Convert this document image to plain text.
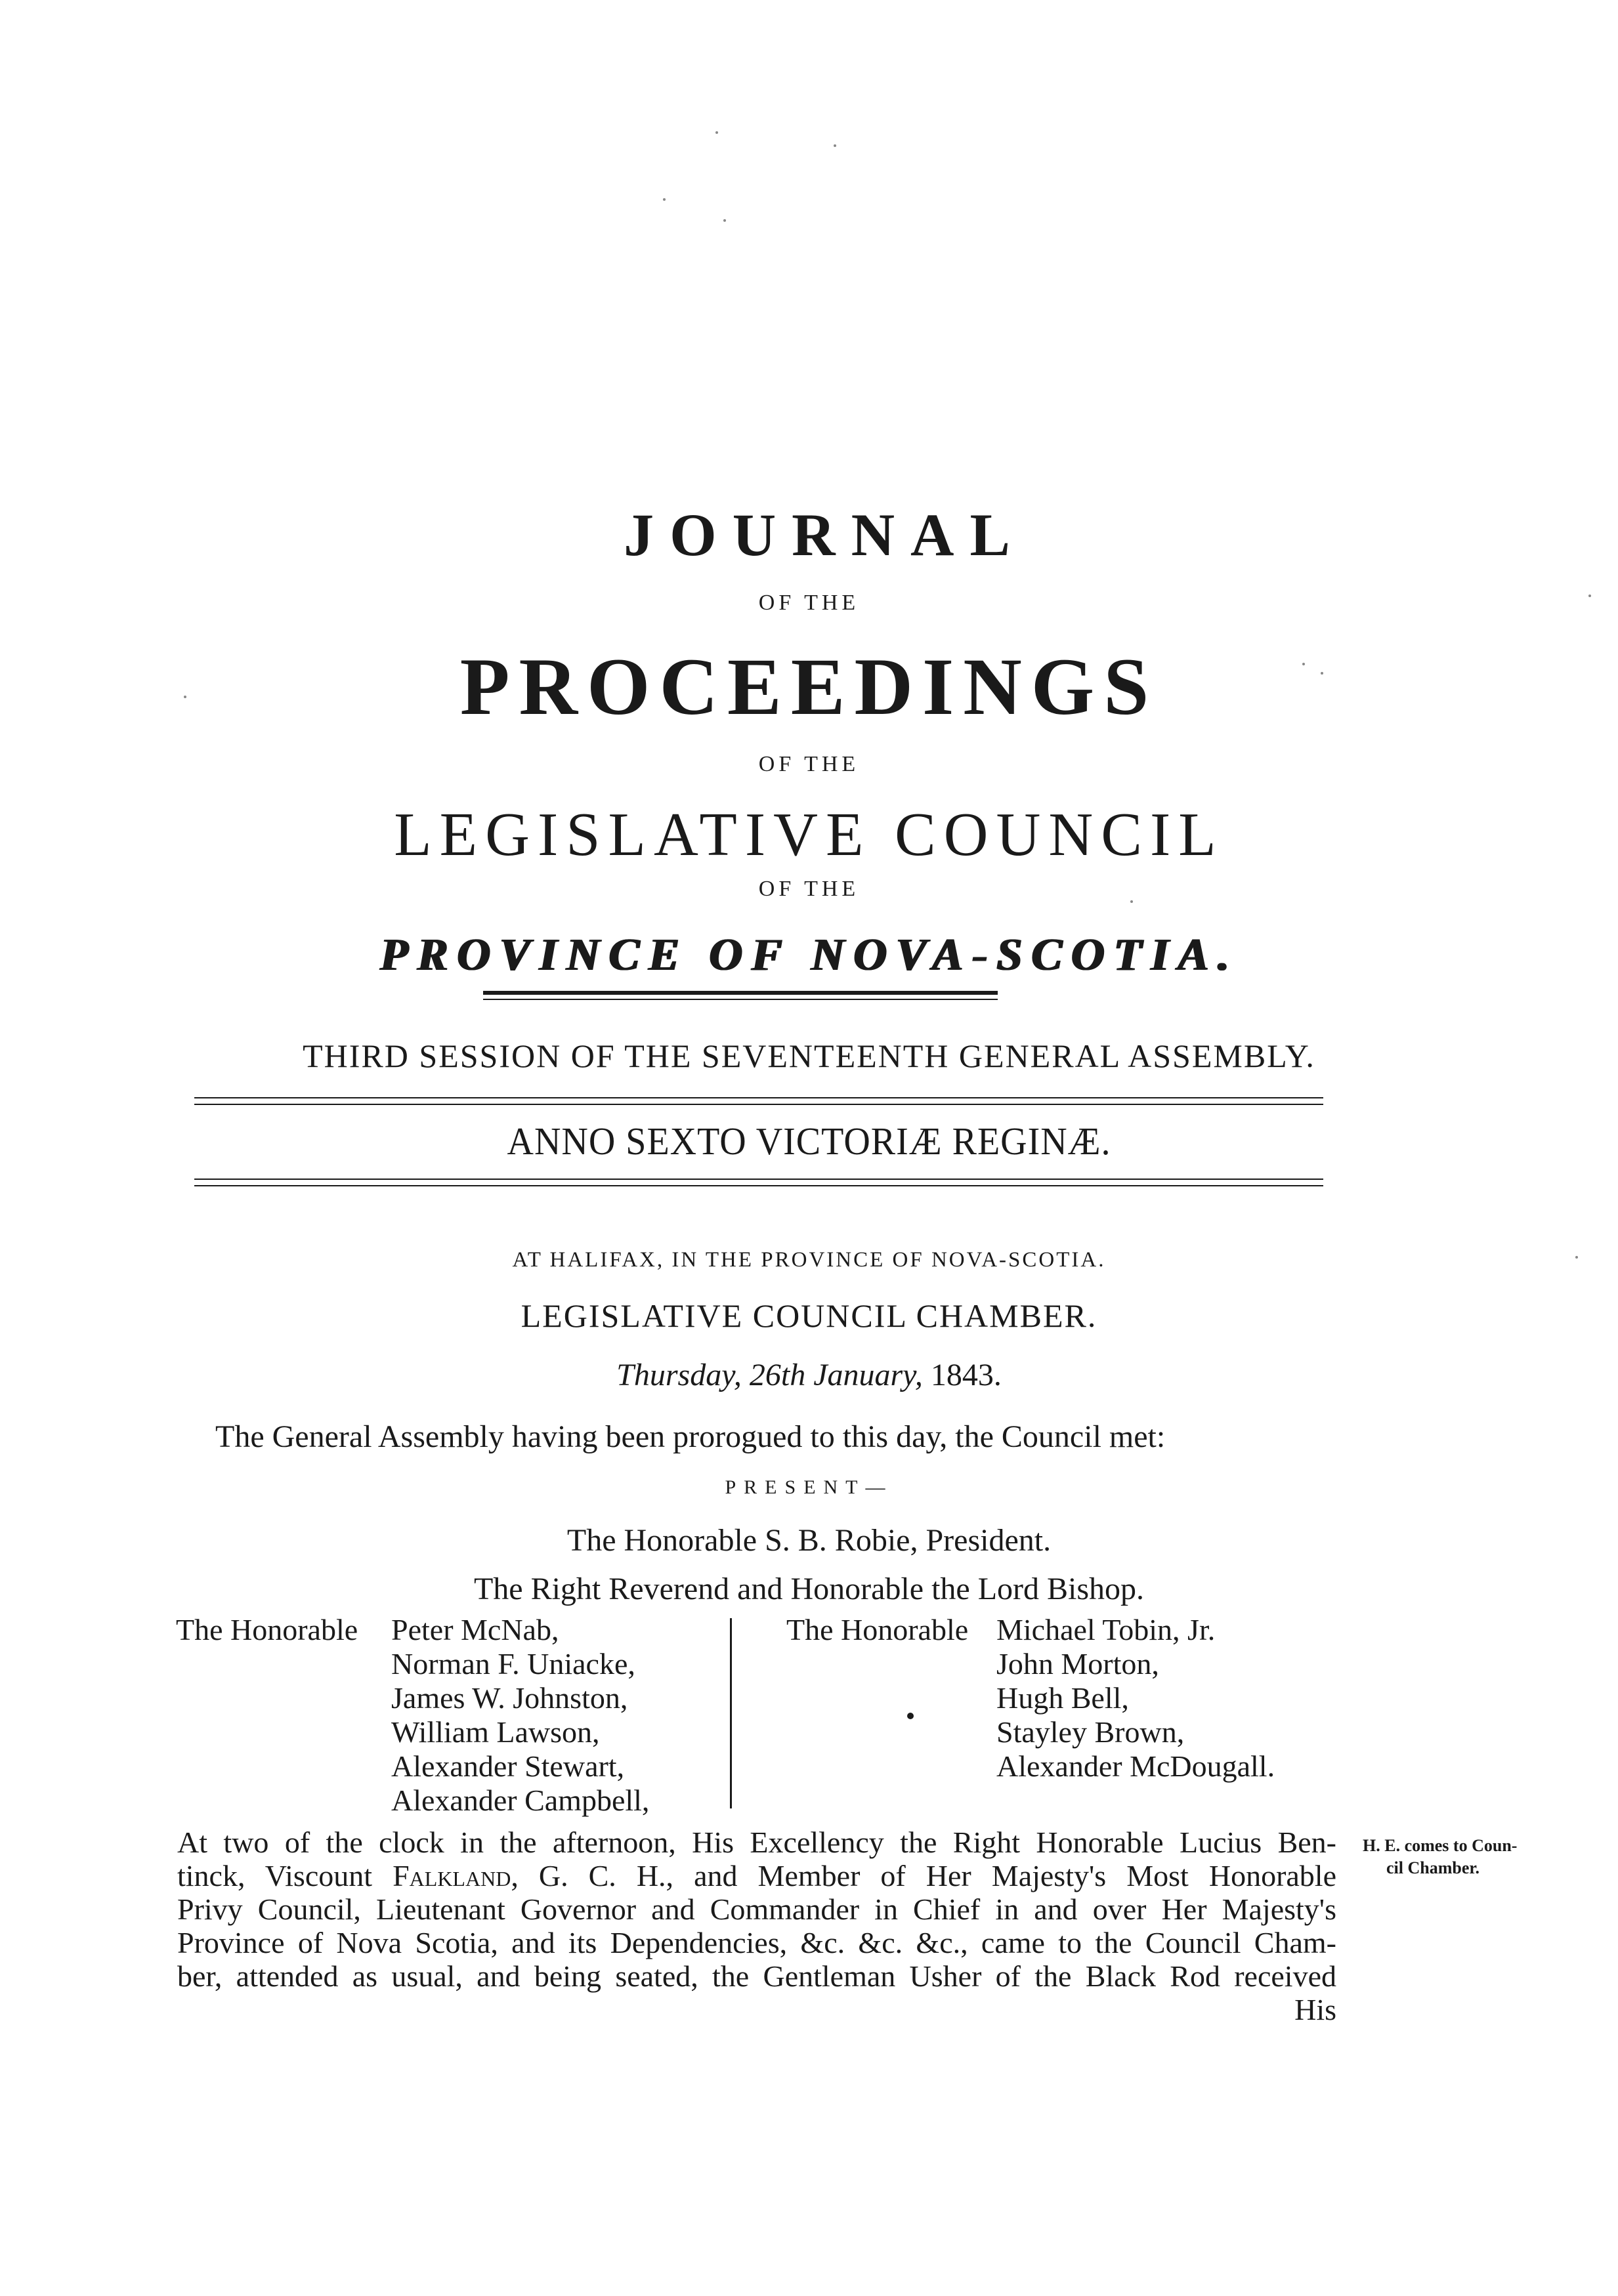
JOURNAL
OF THE
PROCEEDINGS
OF THE
LEGISLATIVE COUNCIL
OF THE
PROVINCE OF NOVA-SCOTIA.
THIRD SESSION OF THE SEVENTEENTH GENERAL ASSEMBLY.
ANNO SEXTO VICTORIÆ REGINÆ.
AT HALIFAX, IN THE PROVINCE OF NOVA-SCOTIA.
LEGISLATIVE COUNCIL CHAMBER.
Thursday, 26th January, 1843.
The General Assembly having been prorogued to this day, the Council met:
PRESENT—
The Honorable S. B. Robie, President.
The Right Reverend and Honorable the Lord Bishop.
The Honorable Peter McNab,
Norman F. Uniacke,
James W. Johnston,
William Lawson,
Alexander Stewart,
Alexander Campbell,
The Honorable Michael Tobin, Jr.
John Morton,
Hugh Bell,
Stayley Brown,
Alexander McDougall.
At two of the clock in the afternoon, His Excellency the Right Honorable Lucius Ben-
tinck, Viscount Falkland, G. C. H., and Member of Her Majesty's Most Honorable
Privy Council, Lieutenant Governor and Commander in Chief in and over Her Majesty's
Province of Nova Scotia, and its Dependencies, &c. &c. &c., came to the Council Cham-
ber, attended as usual, and being seated, the Gentleman Usher of the Black Rod received
His
H. E. comes to Coun-
cil Chamber.
